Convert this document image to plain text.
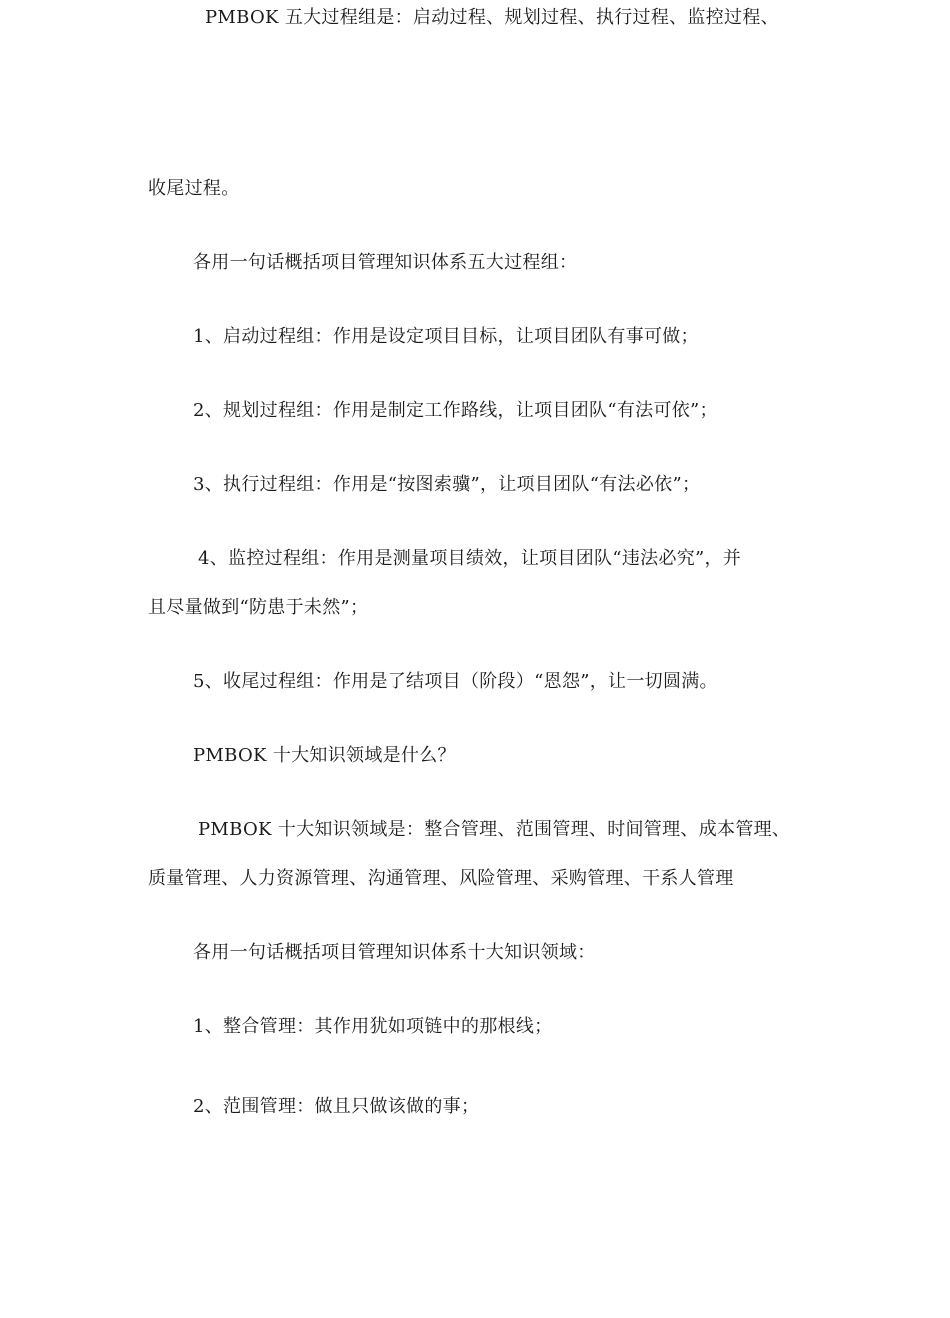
PMBOK 五大过程组是：启动过程、规划过程、执行过程、监控过程、
收尾过程。
各用一句话概括项目管理知识体系五大过程组：
1、启动过程组：作用是设定项目目标，让项目团队有事可做；
2、规划过程组：作用是制定工作路线，让项目团队“有法可依”；
3、执行过程组：作用是“按图索骥”，让项目团队“有法必依”；
4、监控过程组：作用是测量项目绩效，让项目团队“违法必究”，并
且尽量做到“防患于未然”；
5、收尾过程组：作用是了结项目（阶段）“恩怨”，让一切圆满。
PMBOK 十大知识领域是什么？
PMBOK 十大知识领域是：整合管理、范围管理、时间管理、成本管理、
质量管理、人力资源管理、沟通管理、风险管理、采购管理、干系人管理
各用一句话概括项目管理知识体系十大知识领域：
1、整合管理：其作用犹如项链中的那根线；
2、范围管理：做且只做该做的事；
